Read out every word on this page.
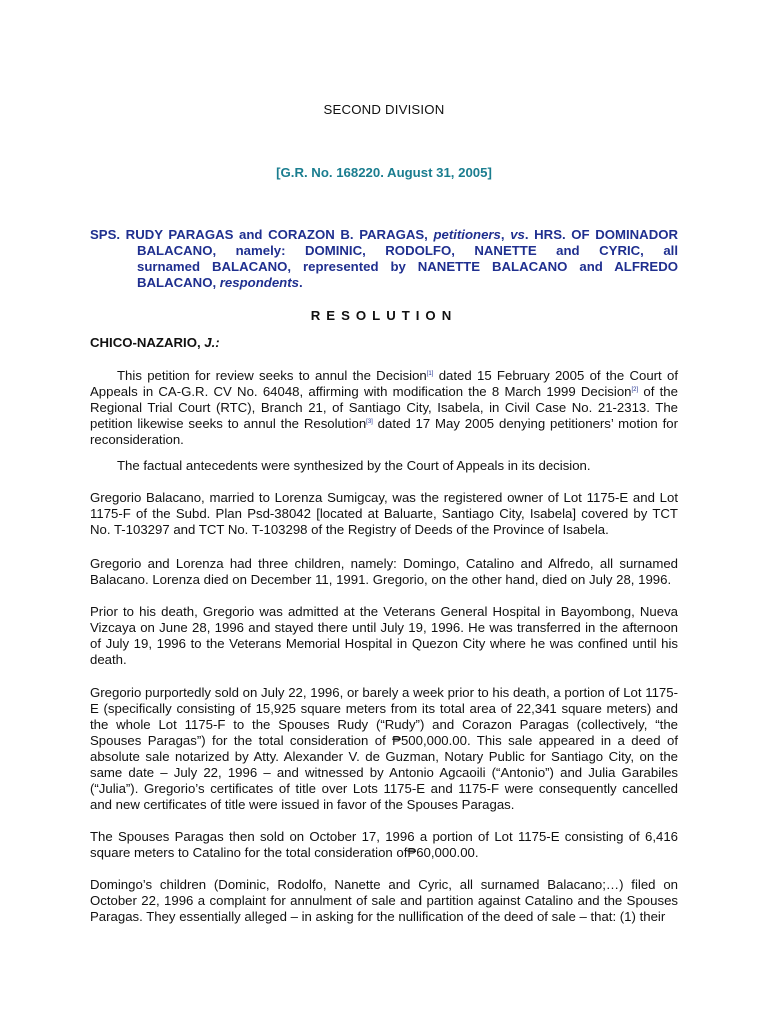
SECOND DIVISION
[G.R. No. 168220. August 31, 2005]
SPS. RUDY PARAGAS and CORAZON B. PARAGAS, petitioners, vs. HRS. OF DOMINADOR
BALACANO, namely: DOMINIC, RODOLFO, NANETTE and CYRIC, all
surnamed BALACANO, represented by NANETTE BALACANO and ALFREDO
BALACANO, respondents.
RESOLUTION
CHICO-NAZARIO, J.:

This petition for review seeks to annul the Decision[1] dated 15 February 2005 of the Court of Appeals in CA-G.R. CV No. 64048, affirming with modification the 8 March 1999 Decision[2] of the Regional Trial Court (RTC), Branch 21, of Santiago City, Isabela, in Civil Case No. 21-2313. The petition likewise seeks to annul the Resolution[3] dated 17 May 2005 denying petitioners’ motion for reconsideration.

The factual antecedents were synthesized by the Court of Appeals in its decision.

Gregorio Balacano, married to Lorenza Sumigcay, was the registered owner of Lot 1175-E and Lot 1175-F of the Subd. Plan Psd-38042 [located at Baluarte, Santiago City, Isabela] covered by TCT No. T-103297 and TCT No. T-103298 of the Registry of Deeds of the Province of Isabela.

Gregorio and Lorenza had three children, namely: Domingo, Catalino and Alfredo, all surnamed Balacano. Lorenza died on December 11, 1991. Gregorio, on the other hand, died on July 28, 1996.

Prior to his death, Gregorio was admitted at the Veterans General Hospital in Bayombong, Nueva Vizcaya on June 28, 1996 and stayed there until July 19, 1996. He was transferred in the afternoon of July 19, 1996 to the Veterans Memorial Hospital in Quezon City where he was confined until his death.

Gregorio purportedly sold on July 22, 1996, or barely a week prior to his death, a portion of Lot 1175-E (specifically consisting of 15,925 square meters from its total area of 22,341 square meters) and the whole Lot 1175-F to the Spouses Rudy (“Rudy”) and Corazon Paragas (collectively, “the Spouses Paragas”) for the total consideration of ₱500,000.00. This sale appeared in a deed of absolute sale notarized by Atty. Alexander V. de Guzman, Notary Public for Santiago City, on the same date – July 22, 1996 – and witnessed by Antonio Agcaoili (“Antonio”) and Julia Garabiles (“Julia”). Gregorio’s certificates of title over Lots 1175-E and 1175-F were consequently cancelled and new certificates of title were issued in favor of the Spouses Paragas.

The Spouses Paragas then sold on October 17, 1996 a portion of Lot 1175-E consisting of 6,416 square meters to Catalino for the total consideration of₱60,000.00.

Domingo’s children (Dominic, Rodolfo, Nanette and Cyric, all surnamed Balacano;…) filed on October 22, 1996 a complaint for annulment of sale and partition against Catalino and the Spouses Paragas. They essentially alleged – in asking for the nullification of the deed of sale – that: (1) their
